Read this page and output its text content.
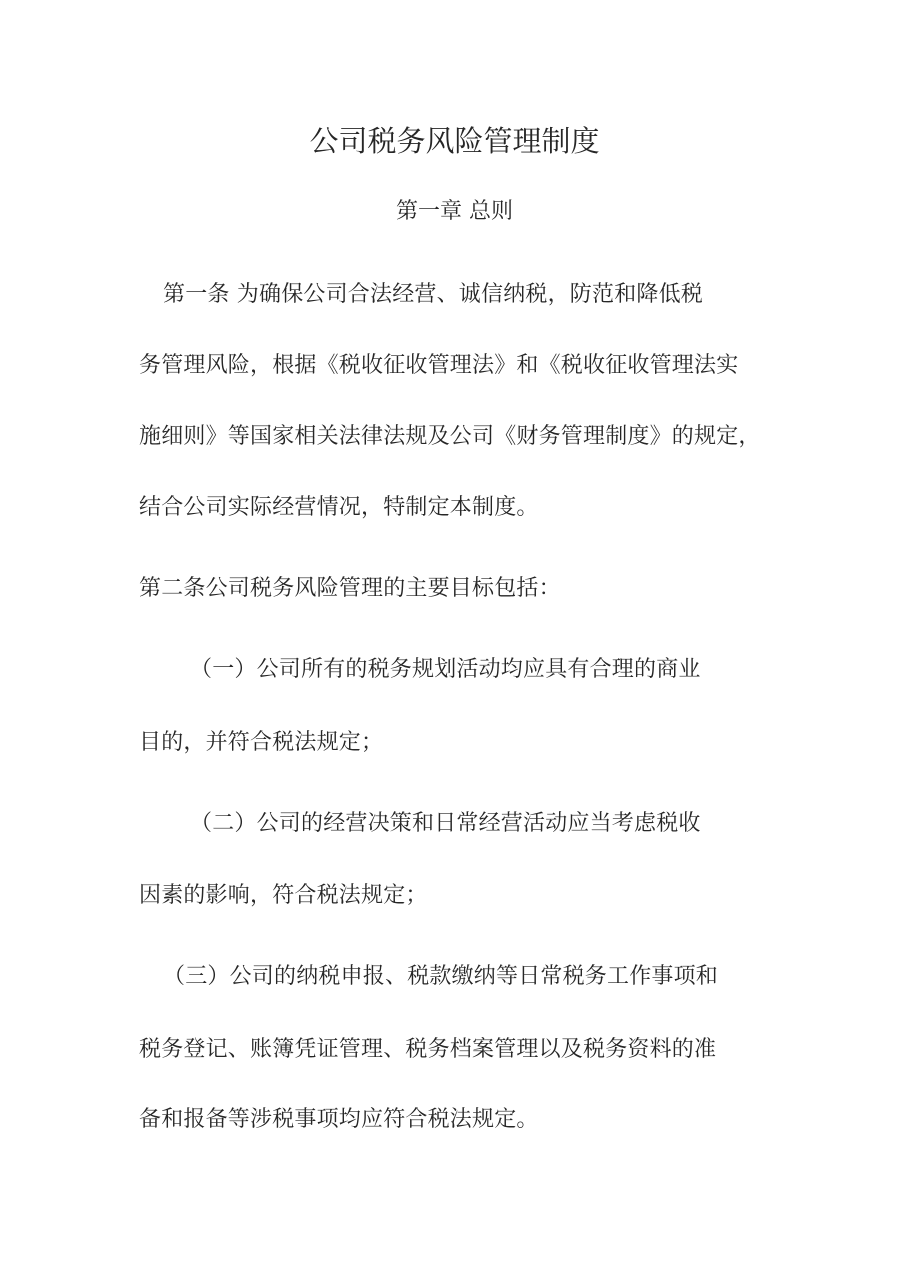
公司税务风险管理制度
第一章 总则
第一条 为确保公司合法经营、诚信纳税，防范和降低税
务管理风险，根据《税收征收管理法》和《税收征收管理法实
施细则》等国家相关法律法规及公司《财务管理制度》的规定，
结合公司实际经营情况，特制定本制度。
第二条公司税务风险管理的主要目标包括：
（一）公司所有的税务规划活动均应具有合理的商业
目的，并符合税法规定；
（二）公司的经营决策和日常经营活动应当考虑税收
因素的影响，符合税法规定；
（三）公司的纳税申报、税款缴纳等日常税务工作事项和
税务登记、账簿凭证管理、税务档案管理以及税务资料的准
备和报备等涉税事项均应符合税法规定。
